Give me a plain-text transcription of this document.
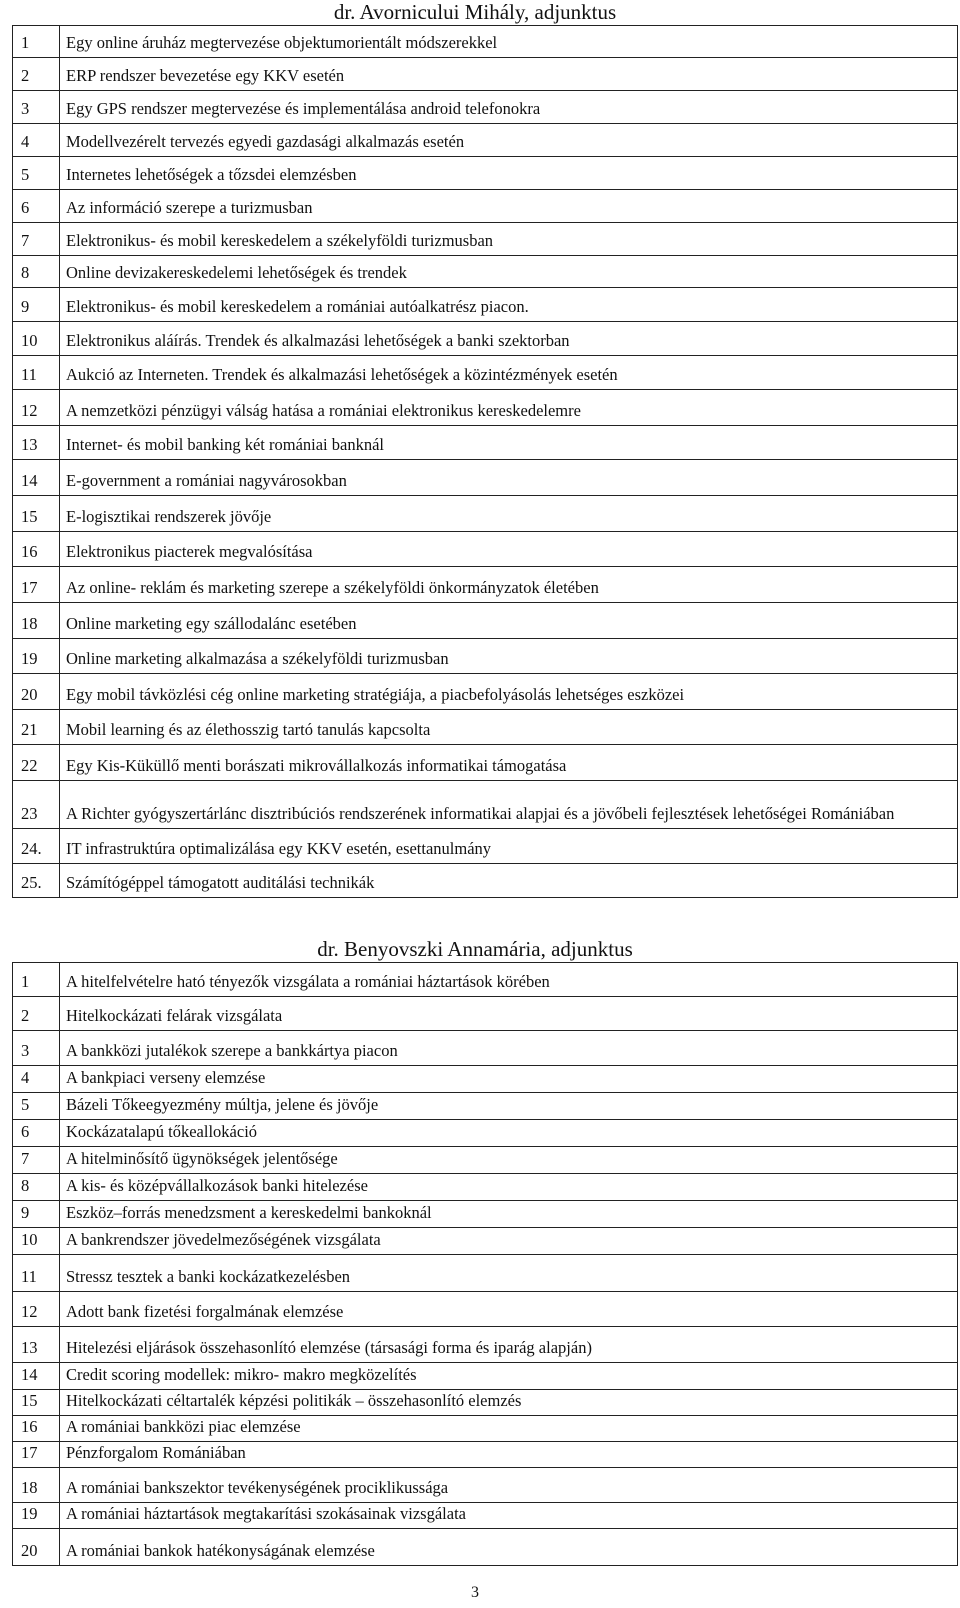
dr. Avornicului Mihály, adjunktus
1	Egy online áruház megtervezése objektumorientált módszerekkel
2	ERP rendszer bevezetése egy KKV esetén
3	Egy GPS rendszer megtervezése és implementálása android telefonokra
4	Modellvezérelt tervezés egyedi gazdasági alkalmazás esetén
5	Internetes lehetőségek a tőzsdei elemzésben
6	Az információ szerepe a turizmusban
7	Elektronikus- és mobil kereskedelem a székelyföldi turizmusban
8	Online devizakereskedelemi lehetőségek és trendek
9	Elektronikus- és mobil kereskedelem a romániai autóalkatrész piacon.
10	Elektronikus aláírás. Trendek és alkalmazási lehetőségek a banki szektorban
11	Aukció az Interneten. Trendek és alkalmazási lehetőségek a közintézmények esetén
12	A nemzetközi pénzügyi válság hatása a romániai elektronikus kereskedelemre
13	Internet- és mobil banking két romániai banknál
14	E-government a romániai nagyvárosokban
15	E-logisztikai rendszerek jövője
16	Elektronikus piacterek megvalósítása
17	Az online- reklám és marketing szerepe a székelyföldi önkormányzatok életében
18	Online marketing egy szállodalánc esetében
19	Online marketing alkalmazása a székelyföldi turizmusban
20	Egy mobil távközlési cég online marketing stratégiája, a piacbefolyásolás lehetséges eszközei
21	Mobil learning és az élethosszig tartó tanulás kapcsolta
22	Egy Kis-Küküllő menti borászati mikrovállalkozás informatikai támogatása
23	A Richter gyógyszertárlánc disztribúciós rendszerének informatikai alapjai és a jövőbeli fejlesztések lehetőségei Romániában
24.	IT infrastruktúra optimalizálása egy KKV esetén, esettanulmány
25.	Számítógéppel támogatott auditálási technikák
dr. Benyovszki Annamária, adjunktus
1	A hitelfelvételre ható tényezők vizsgálata a romániai háztartások körében
2	Hitelkockázati felárak vizsgálata
3	A bankközi jutalékok szerepe a bankkártya piacon
4	A bankpiaci verseny elemzése
5	Bázeli Tőkeegyezmény múltja, jelene és jövője
6	Kockázatalapú tőkeallokáció
7	A hitelminősítő ügynökségek jelentősége
8	A kis- és középvállalkozások banki hitelezése
9	Eszköz–forrás menedzsment a kereskedelmi bankoknál
10	A bankrendszer jövedelmezőségének vizsgálata
11	Stressz tesztek a banki kockázatkezelésben
12	Adott bank fizetési forgalmának elemzése
13	Hitelezési eljárások összehasonlító elemzése (társasági forma és iparág alapján)
14	Credit scoring modellek: mikro- makro megközelítés
15	Hitelkockázati céltartalék képzési politikák – összehasonlító elemzés
16	A romániai bankközi piac elemzése
17	Pénzforgalom Romániában
18	A romániai bankszektor tevékenységének prociklikussága
19	A romániai háztartások megtakarítási szokásainak vizsgálata
20	A romániai bankok hatékonyságának elemzése
3
